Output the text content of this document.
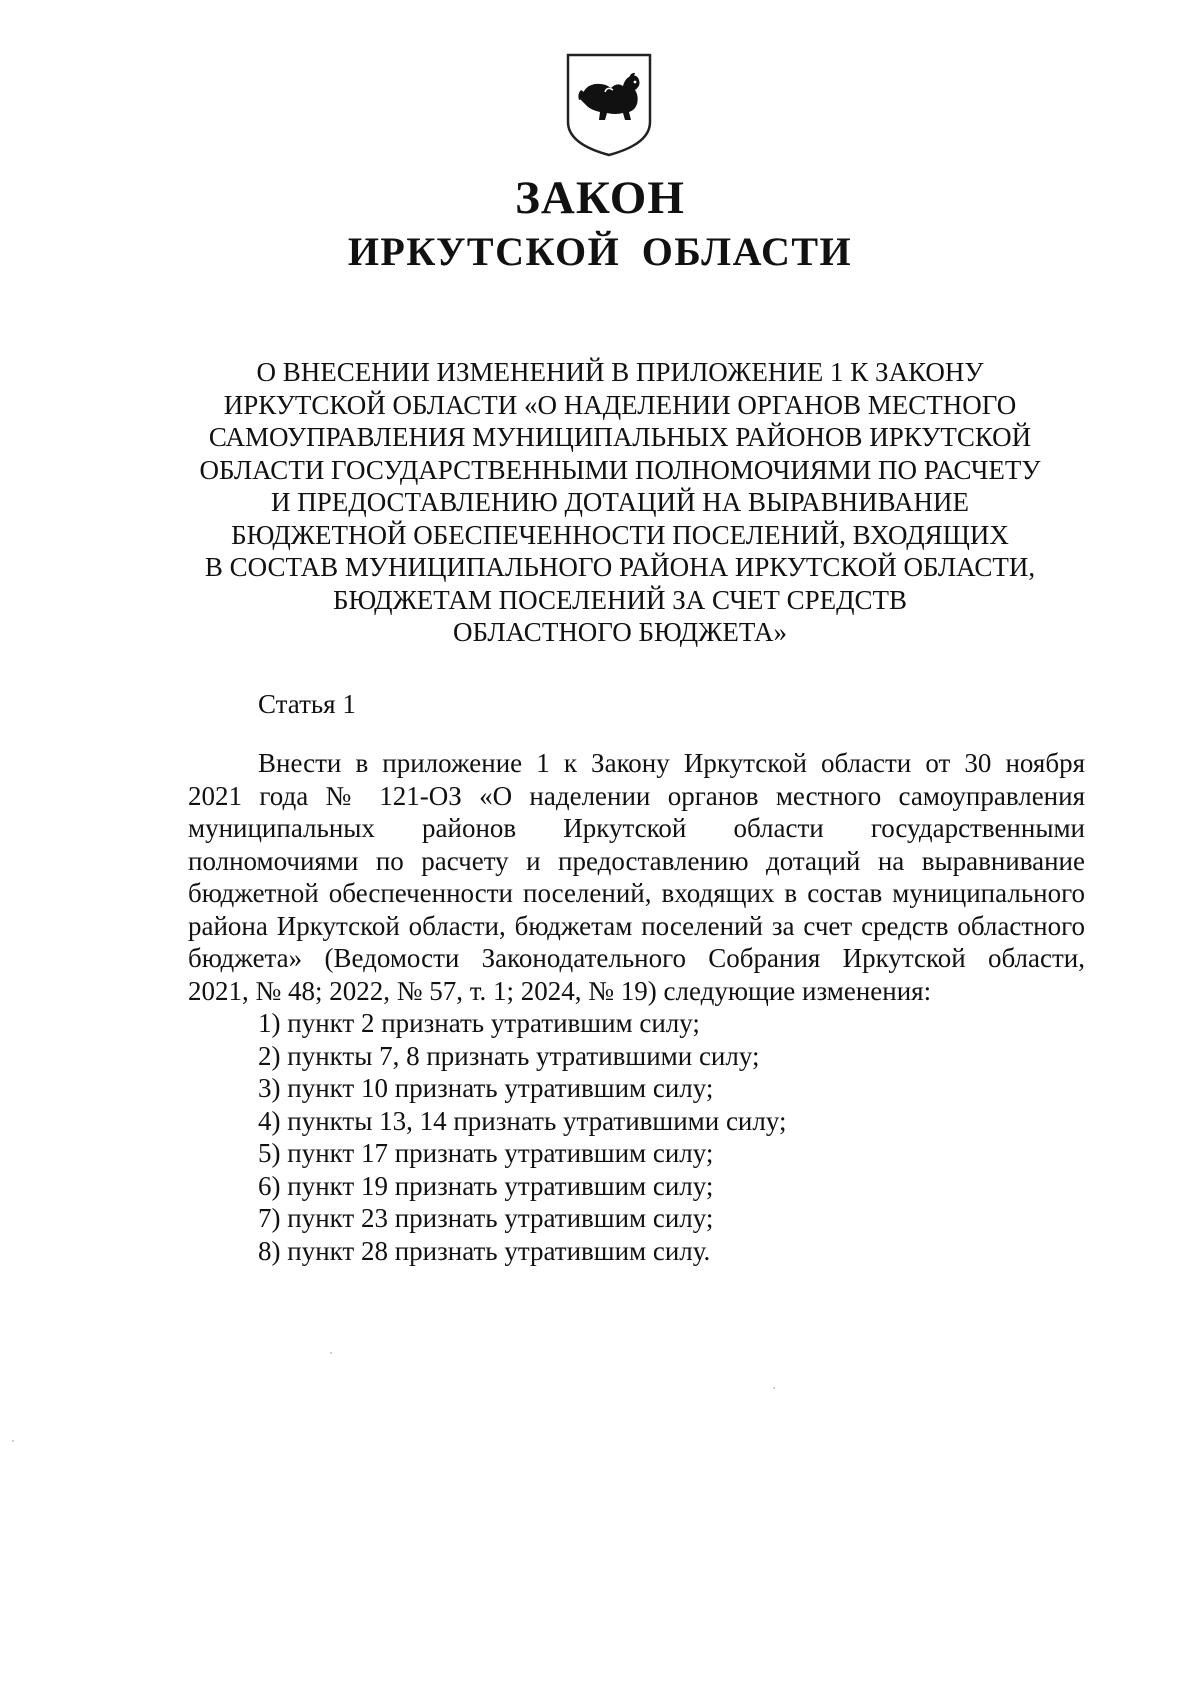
ЗАКОН
ИРКУТСКОЙ ОБЛАСТИ
О ВНЕСЕНИИ ИЗМЕНЕНИЙ В ПРИЛОЖЕНИЕ 1 К ЗАКОНУ
ИРКУТСКОЙ ОБЛАСТИ «О НАДЕЛЕНИИ ОРГАНОВ МЕСТНОГО
САМОУПРАВЛЕНИЯ МУНИЦИПАЛЬНЫХ РАЙОНОВ ИРКУТСКОЙ
ОБЛАСТИ ГОСУДАРСТВЕННЫМИ ПОЛНОМОЧИЯМИ ПО РАСЧЕТУ
И ПРЕДОСТАВЛЕНИЮ ДОТАЦИЙ НА ВЫРАВНИВАНИЕ
БЮДЖЕТНОЙ ОБЕСПЕЧЕННОСТИ ПОСЕЛЕНИЙ, ВХОДЯЩИХ
В СОСТАВ МУНИЦИПАЛЬНОГО РАЙОНА ИРКУТСКОЙ ОБЛАСТИ,
БЮДЖЕТАМ ПОСЕЛЕНИЙ ЗА СЧЕТ СРЕДСТВ
ОБЛАСТНОГО БЮДЖЕТА»
Статья 1
Внести в приложение 1 к Закону Иркутской области от 30 ноября
2021 года № 121-ОЗ «О наделении органов местного самоуправления
муниципальных районов Иркутской области государственными
полномочиями по расчету и предоставлению дотаций на выравнивание
бюджетной обеспеченности поселений, входящих в состав муниципального
района Иркутской области, бюджетам поселений за счет средств областного
бюджета» (Ведомости Законодательного Собрания Иркутской области,
2021, № 48; 2022, № 57, т. 1; 2024, № 19) следующие изменения:
1) пункт 2 признать утратившим силу;
2) пункты 7, 8 признать утратившими силу;
3) пункт 10 признать утратившим силу;
4) пункты 13, 14 признать утратившими силу;
5) пункт 17 признать утратившим силу;
6) пункт 19 признать утратившим силу;
7) пункт 23 признать утратившим силу;
8) пункт 28 признать утратившим силу.
